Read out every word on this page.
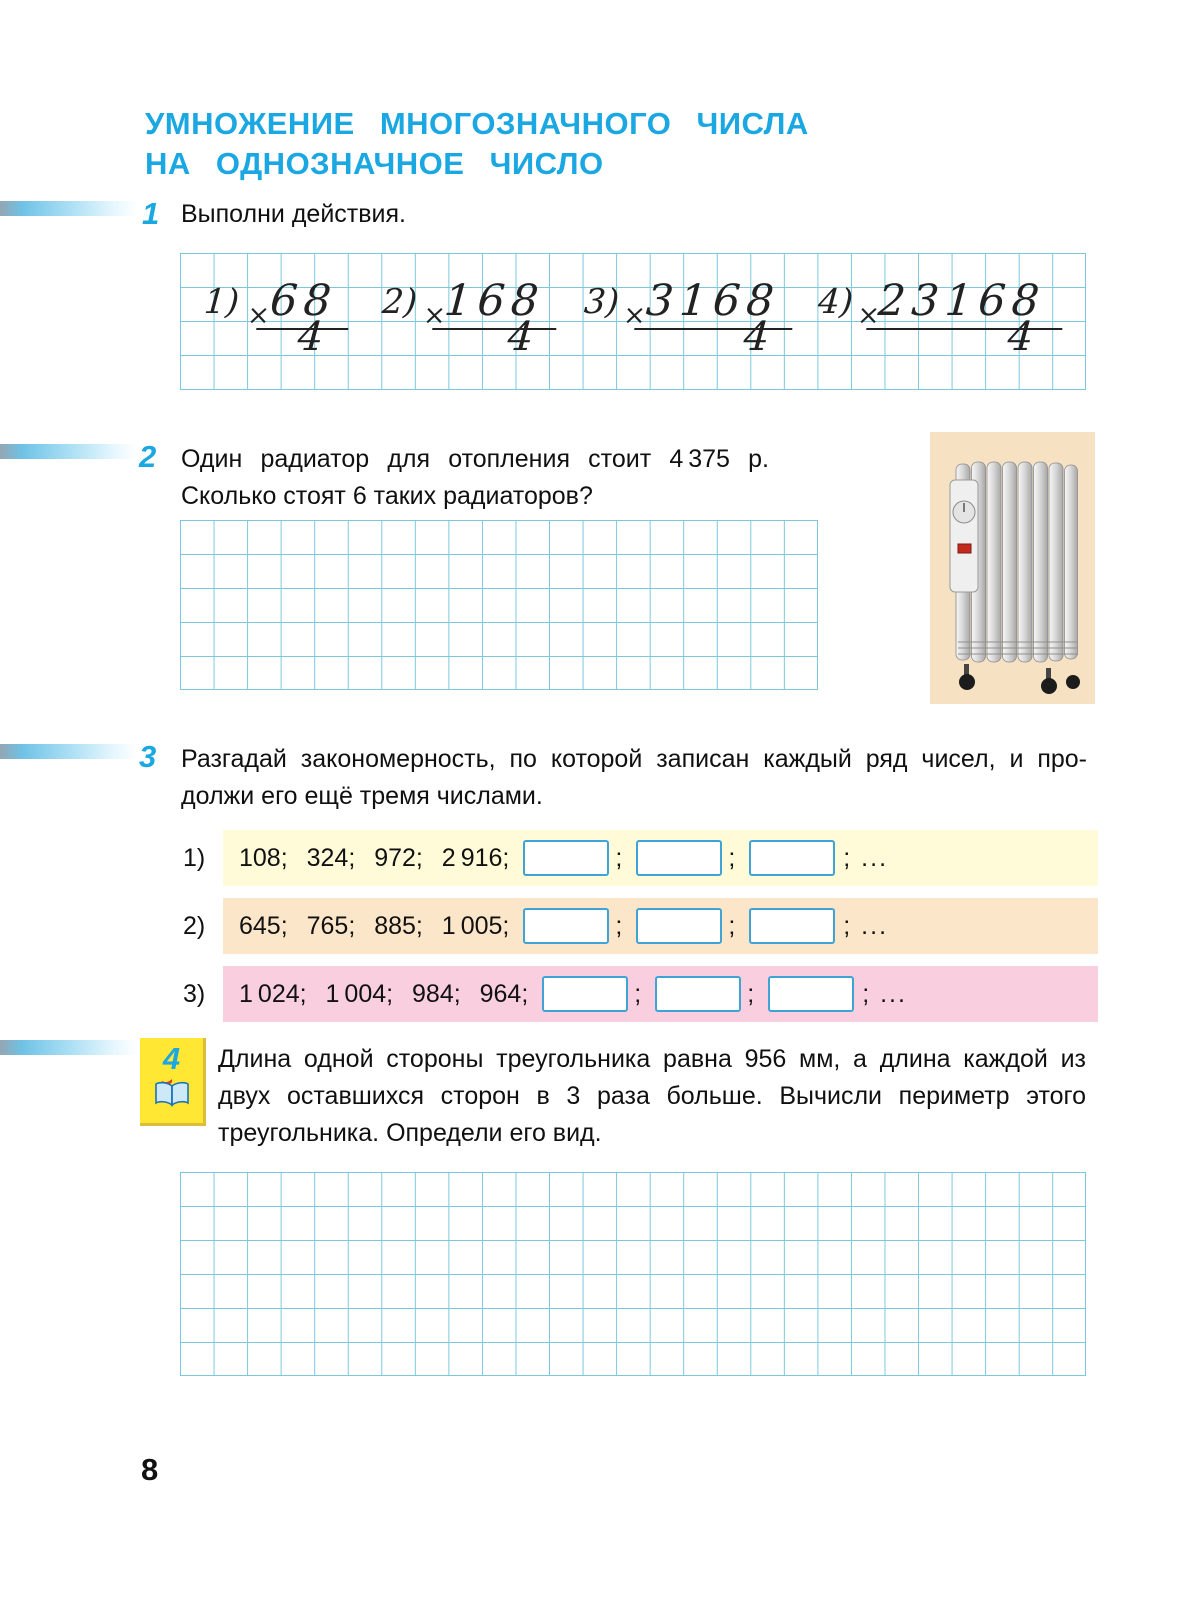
УМНОЖЕНИЕ МНОГОЗНАЧНОГО ЧИСЛА
НА ОДНОЗНАЧНОЕ ЧИСЛО
1 Выполни действия.
1) ×
68
4
2) ×
168
4
3) ×
3168
4
4) ×
23168
4
2 Один радиатор для отопления стоит 4 375 р.
Сколько стоят 6 таких радиаторов?
3 Разгадай закономерность, по которой записан каждый ряд чисел, и про-
должи его ещё тремя числами.
1)	108; 324; 972; 2 916;	;	;	; ...
2)	645; 765; 885; 1 005;	;	;	; ...
3)	1 024; 1 004; 984; 964;	;	;	; ...
4 Длина одной стороны треугольника равна 956 мм, а длина каждой из
двух оставшихся сторон в 3 раза больше. Вычисли периметр этого
треугольника. Определи его вид.
8
